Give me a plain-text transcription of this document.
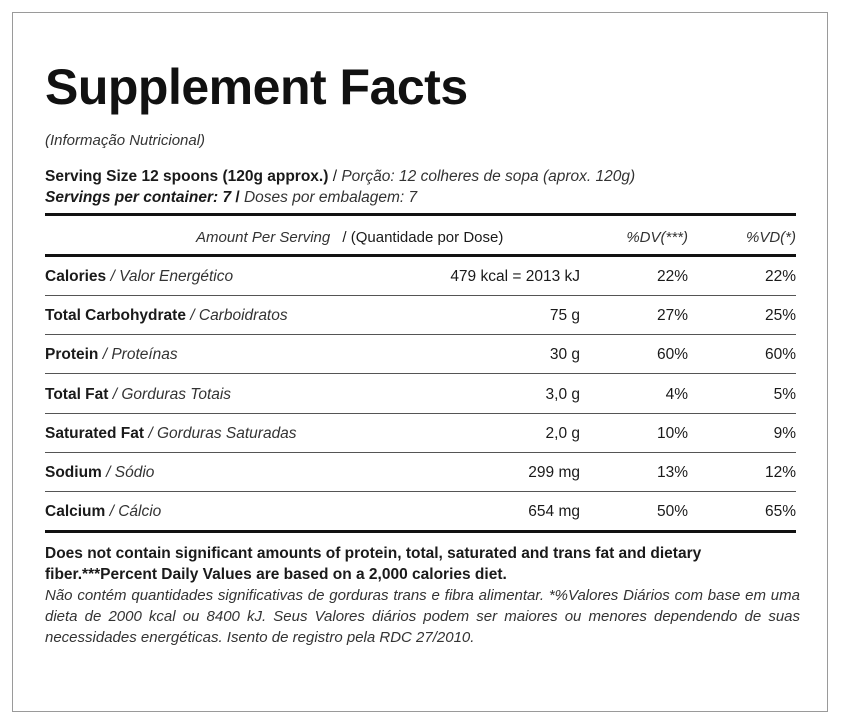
Supplement Facts
(Informação Nutricional)
Serving Size 12 spoons (120g approx.) / Porção: 12 colheres de sopa (aprox. 120g)
Servings per container: 7 / Doses por embalagem: 7
Amount Per Serving / (Quantidade por Dose)	%DV(***)	%VD(*)
Calories / Valor Energético	479 kcal = 2013 kJ	22%	22%
Total Carbohydrate / Carboidratos	75 g	27%	25%
Protein / Proteínas	30 g	60%	60%
Total Fat / Gorduras Totais	3,0 g	4%	5%
Saturated Fat / Gorduras Saturadas	2,0 g	10%	9%
Sodium / Sódio	299 mg	13%	12%
Calcium / Cálcio	654 mg	50%	65%
Does not contain significant amounts of protein, total, saturated and trans fat and dietary fiber.***Percent Daily Values are based on a 2,000 calories diet.
Não contém quantidades significativas de gorduras trans e fibra alimentar. *%Valores Diários com base em uma dieta de 2000 kcal ou 8400 kJ. Seus Valores diários podem ser maiores ou menores dependendo de suas necessidades energéticas. Isento de registro pela RDC 27/2010.
